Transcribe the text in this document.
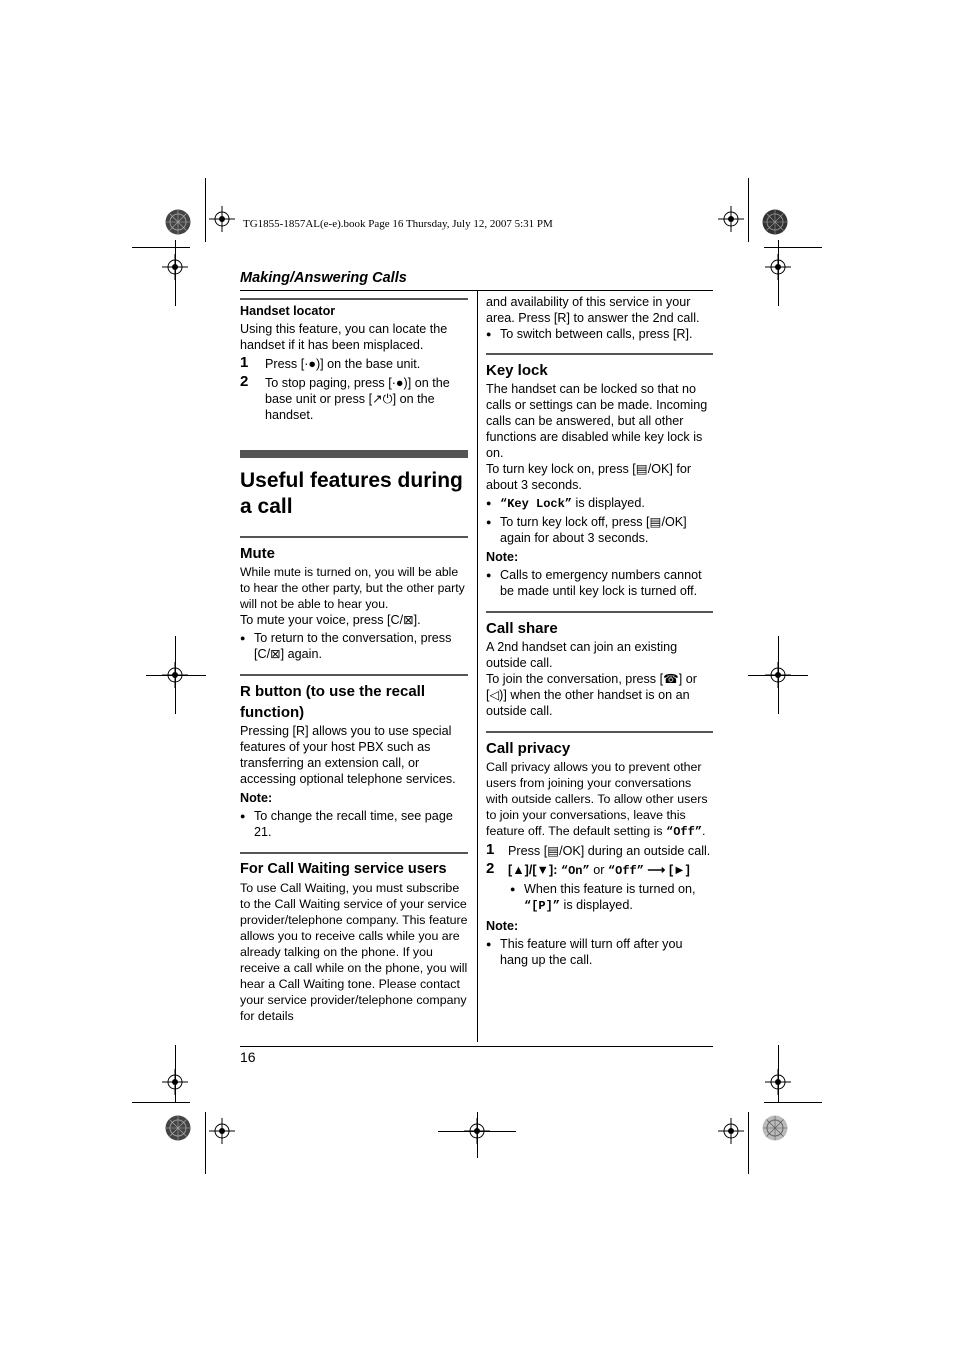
TG1855-1857AL(e-e).book Page 16 Thursday, July 12, 2007 5:31 PM
Making/Answering Calls

Handset locator

Using this feature, you can locate the handset if it has been misplaced.

1 Press [·●)] on the base unit.
2 To stop paging, press [·●)] on the base unit or press [↗⏻] on the handset.

Useful features during
a call

Mute

While mute is turned on, you will be able to hear the other party, but the other party will not be able to hear you.

To mute your voice, press [C/⊠].

● To return to the conversation, press [C/⊠] again.

R button (to use the recall function)

Pressing [R] allows you to use special features of your host PBX such as transferring an extension call, or accessing optional telephone services.

Note:

● To change the recall time, see page 21.

For Call Waiting service users

To use Call Waiting, you must subscribe to the Call Waiting service of your service provider/telephone company. This feature allows you to receive calls while you are already talking on the phone. If you receive a call while on the phone, you will hear a Call Waiting tone. Please contact your service provider/telephone company for details

and availability of this service in your area. Press [R] to answer the 2nd call.

● To switch between calls, press [R].

Key lock

The handset can be locked so that no calls or settings can be made. Incoming calls can be answered, but all other functions are disabled while key lock is on.

To turn key lock on, press [▤/OK] for about 3 seconds.

● “Key Lock” is displayed.
● To turn key lock off, press [▤/OK] again for about 3 seconds.

Note:

● Calls to emergency numbers cannot be made until key lock is turned off.

Call share

A 2nd handset can join an existing outside call.

To join the conversation, press [☎] or [◁)] when the other handset is on an outside call.

Call privacy

Call privacy allows you to prevent other users from joining your conversations with outside callers. To allow other users to join your conversations, leave this feature off. The default setting is “Off”.

1 Press [▤/OK] during an outside call.
2 [▲]/[▼]: “On” or “Off” ⟶ [►]
● When this feature is turned on, “[P]” is displayed.

Note:

● This feature will turn off after you hang up the call.
16
